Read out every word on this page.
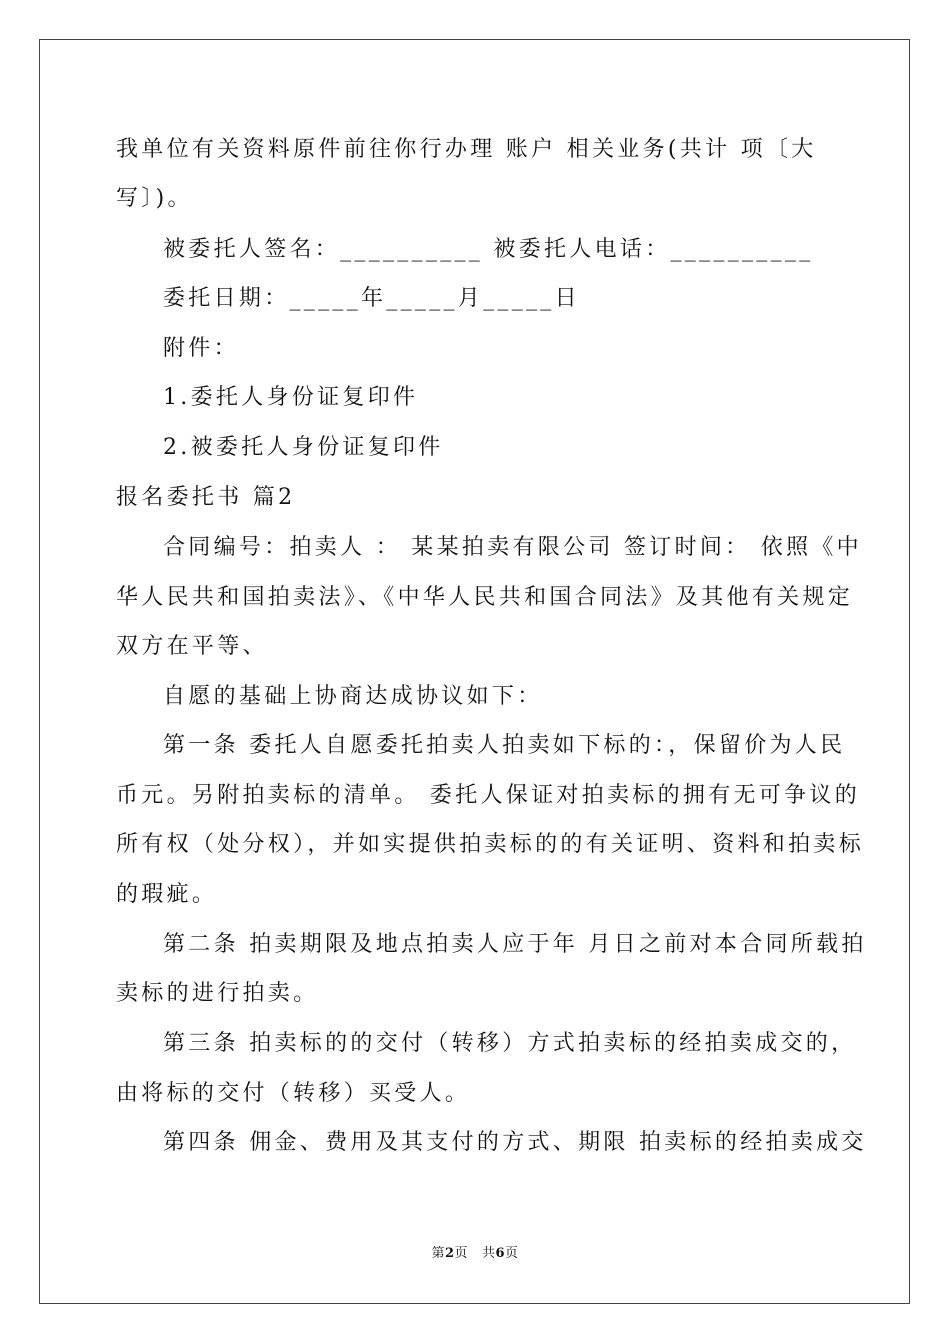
我单位有关资料原件前往你行办理 账户 相关业务(共计 项〔大
写〕)。
被委托人签名：__________ 被委托人电话：__________
委托日期：_____年_____月_____日
附件：
1.委托人身份证复印件
2.被委托人身份证复印件
报名委托书 篇2
合同编号：拍卖人 ： 某某拍卖有限公司 签订时间： 依照《中
华人民共和国拍卖法》、《中华人民共和国合同法》及其他有关规定
双方在平等、
自愿的基础上协商达成协议如下：
第一条 委托人自愿委托拍卖人拍卖如下标的：，保留价为人民
币元。另附拍卖标的清单。 委托人保证对拍卖标的拥有无可争议的
所有权（处分权），并如实提供拍卖标的的有关证明、资料和拍卖标
的瑕疵。
第二条 拍卖期限及地点拍卖人应于年 月日之前对本合同所载拍
卖标的进行拍卖。
第三条 拍卖标的的交付（转移）方式拍卖标的经拍卖成交的，
由将标的交付（转移）买受人。
第四条 佣金、费用及其支付的方式、期限 拍卖标的经拍卖成交
第2页 共6页
